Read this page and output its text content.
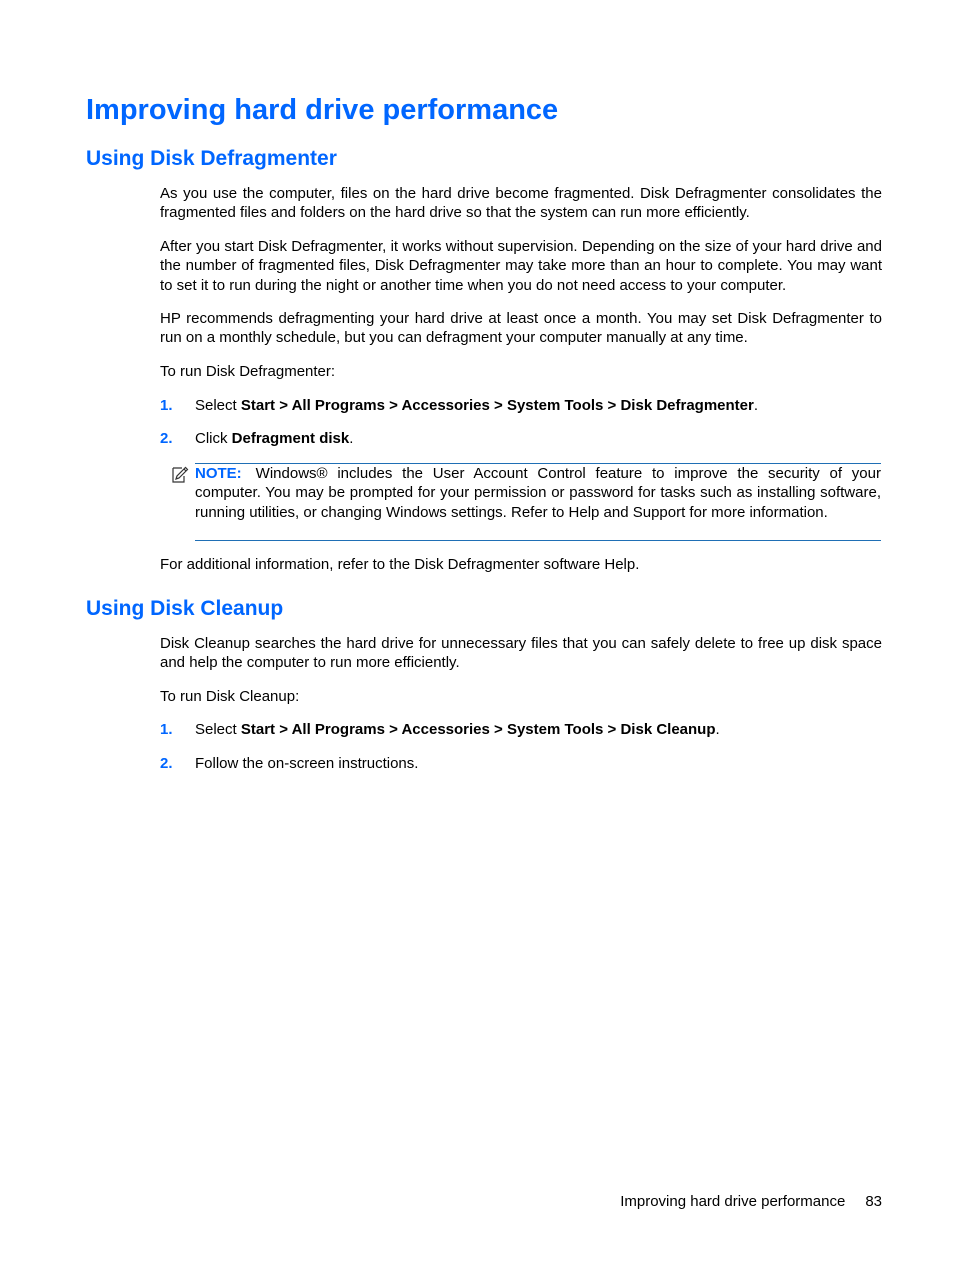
Improving hard drive performance
Using Disk Defragmenter

As you use the computer, files on the hard drive become fragmented. Disk Defragmenter consolidates the fragmented files and folders on the hard drive so that the system can run more efficiently.

After you start Disk Defragmenter, it works without supervision. Depending on the size of your hard drive and the number of fragmented files, Disk Defragmenter may take more than an hour to complete. You may want to set it to run during the night or another time when you do not need access to your computer.

HP recommends defragmenting your hard drive at least once a month. You may set Disk Defragmenter to run on a monthly schedule, but you can defragment your computer manually at any time.

To run Disk Defragmenter:

1. Select Start > All Programs > Accessories > System Tools > Disk Defragmenter.
2. Click Defragment disk.

NOTE: Windows® includes the User Account Control feature to improve the security of your computer. You may be prompted for your permission or password for tasks such as installing software, running utilities, or changing Windows settings. Refer to Help and Support for more information.

For additional information, refer to the Disk Defragmenter software Help.

Using Disk Cleanup

Disk Cleanup searches the hard drive for unnecessary files that you can safely delete to free up disk space and help the computer to run more efficiently.

To run Disk Cleanup:

1. Select Start > All Programs > Accessories > System Tools > Disk Cleanup.
2. Follow the on-screen instructions.
Improving hard drive performance 83
